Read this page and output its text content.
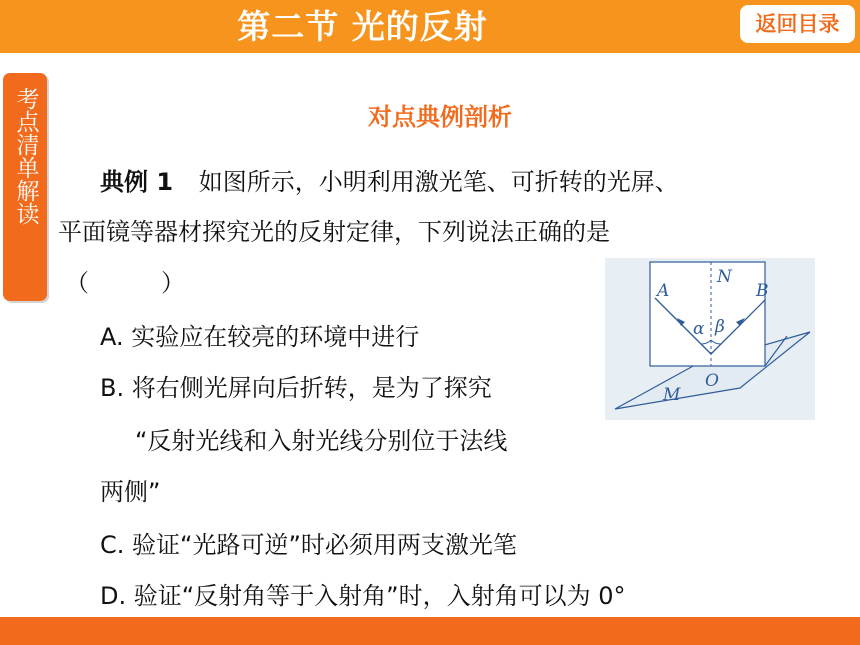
第二节 光的反射	返回目录
考点清单解读	对点典例剖析
典例 1 如图所示，小明利用激光笔、可折转的光屏、
平面镜等器材探究光的反射定律，下列说法正确的是
（　　　）
A. 实验应在较亮的环境中进行
B. 将右侧光屏向后折转，是为了探究
“反射光线和入射光线分别位于法线
两侧”
C. 验证“光路可逆”时必须用两支激光笔
D. 验证“反射角等于入射角”时，入射角可以为 0°
A	B
N
O
M
α β
